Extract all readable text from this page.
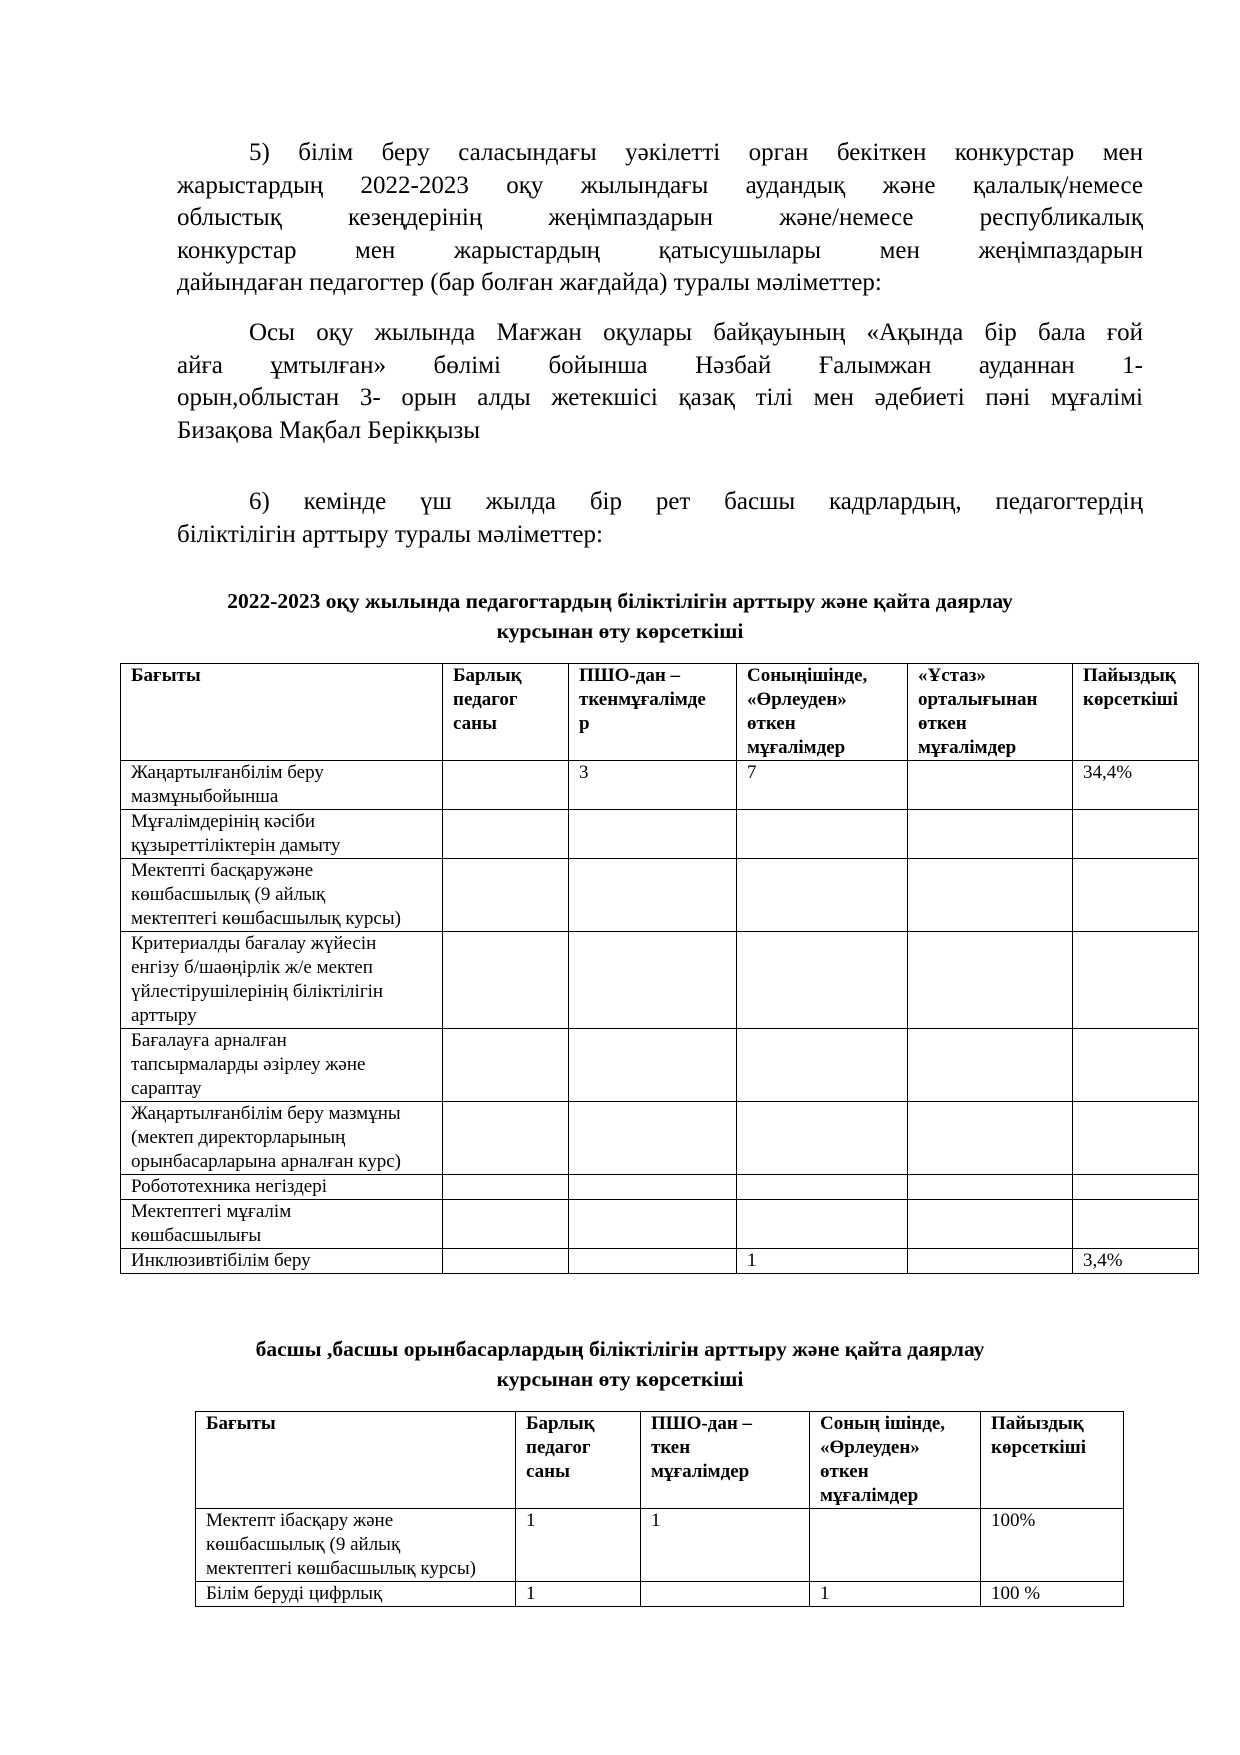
5) білім беру саласындағы уәкілетті орган бекіткен конкурстар мен
жарыстардың 2022-2023 оқу жылындағы аудандық және қалалық/немесе
облыстық кезеңдерінің жеңімпаздарын және/немесе республикалық
конкурстар мен жарыстардың қатысушылары мен жеңімпаздарын
дайындаған педагогтер (бар болған жағдайда) туралы мәліметтер:
Осы оқу жылында Мағжан оқулары байқауының «Ақында бір бала ғой
айға ұмтылған» бөлімі бойынша Нәзбай Ғалымжан ауданнан 1-
орын,облыстан 3- орын алды жетекшісі қазақ тілі мен әдебиеті пәні мұғалімі
Бизақова Мақбал Берікқызы
6) кемінде үш жылда бір рет басшы кадрлардың, педагогтердің
біліктілігін арттыру туралы мәліметтер:
2022-2023 оқу жылында педагогтардың біліктілігін арттыру және қайта даярлау
курсынан өту көрсеткіші
Бағыты	Барлық
педагог
саны	ПШО-дан –
ткенмұғалімде
р	Соныңішінде,
«Өрлеуден»
өткен
мұғалімдер	«Ұстаз»
орталығынан
өткен
мұғалімдер	Пайыздық
көрсеткіші
Жаңартылғанбілім беру
мазмұныбойынша		3	7		34,4%
Мұғалімдерінің кәсіби
құзыреттіліктерін дамыту					
Мектепті басқаружәне
көшбасшылық (9 айлық
мектептегі көшбасшылық курсы)					
Критериалды бағалау жүйесін
енгізу б/шаөңірлік ж/е мектеп
үйлестірушілерінің біліктілігін
арттыру					
Бағалауға арналған
тапсырмаларды әзірлеу және
сараптау					
Жаңартылғанбілім беру мазмұны
(мектеп директорларының
орынбасарларына арналған курс)					
Робототехника негіздері					
Мектептегі мұғалім
көшбасшылығы					
Инклюзивтібілім беру			1		3,4%
басшы ,басшы орынбасарлардың біліктілігін арттыру және қайта даярлау
курсынан өту көрсеткіші
Бағыты	Барлық
педагог
саны	ПШО-дан –
ткен
мұғалімдер	Соның ішінде,
«Өрлеуден»
өткен
мұғалімдер	Пайыздық
көрсеткіші
Мектепт ібасқару және
көшбасшылық (9 айлық
мектептегі көшбасшылық курсы)	1	1		100%
Білім беруді цифрлық	1		1	100 %
